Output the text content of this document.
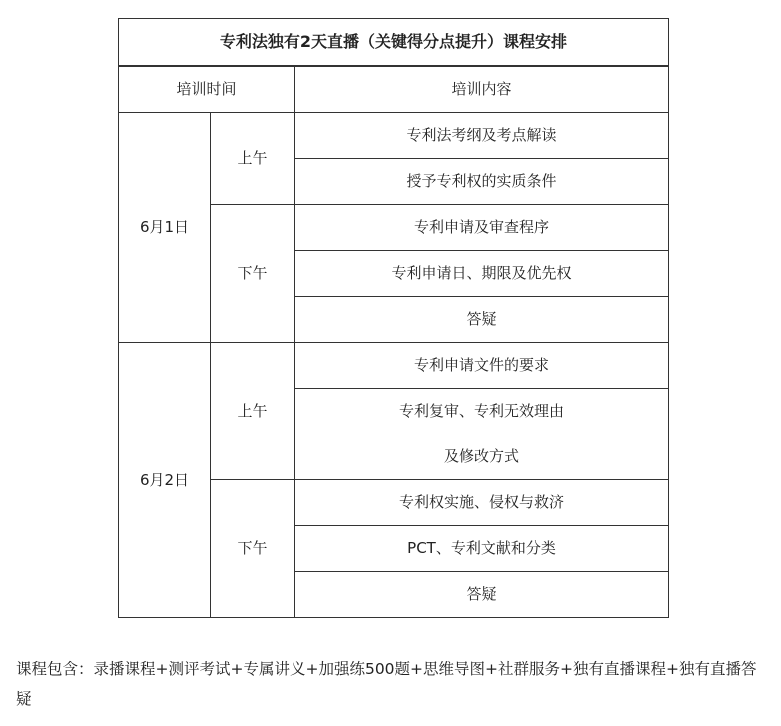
专利法独有2天直播（关键得分点提升）课程安排		
培训时间		培训内容
6月1日	上午	专利法考纲及考点解读
		授予专利权的实质条件
	下午	专利申请及审查程序
		专利申请日、期限及优先权
		答疑
6月2日	上午	专利申请文件的要求

		专利复审、专利无效理由
及修改方式

	下午	专利权实施、侵权与救济
		PCT、专利文献和分类
		答疑
课程包含：录播课程+测评考试+专属讲义+加强练500题+思维导图+社群服务+独有直播课程+独有直播答疑
